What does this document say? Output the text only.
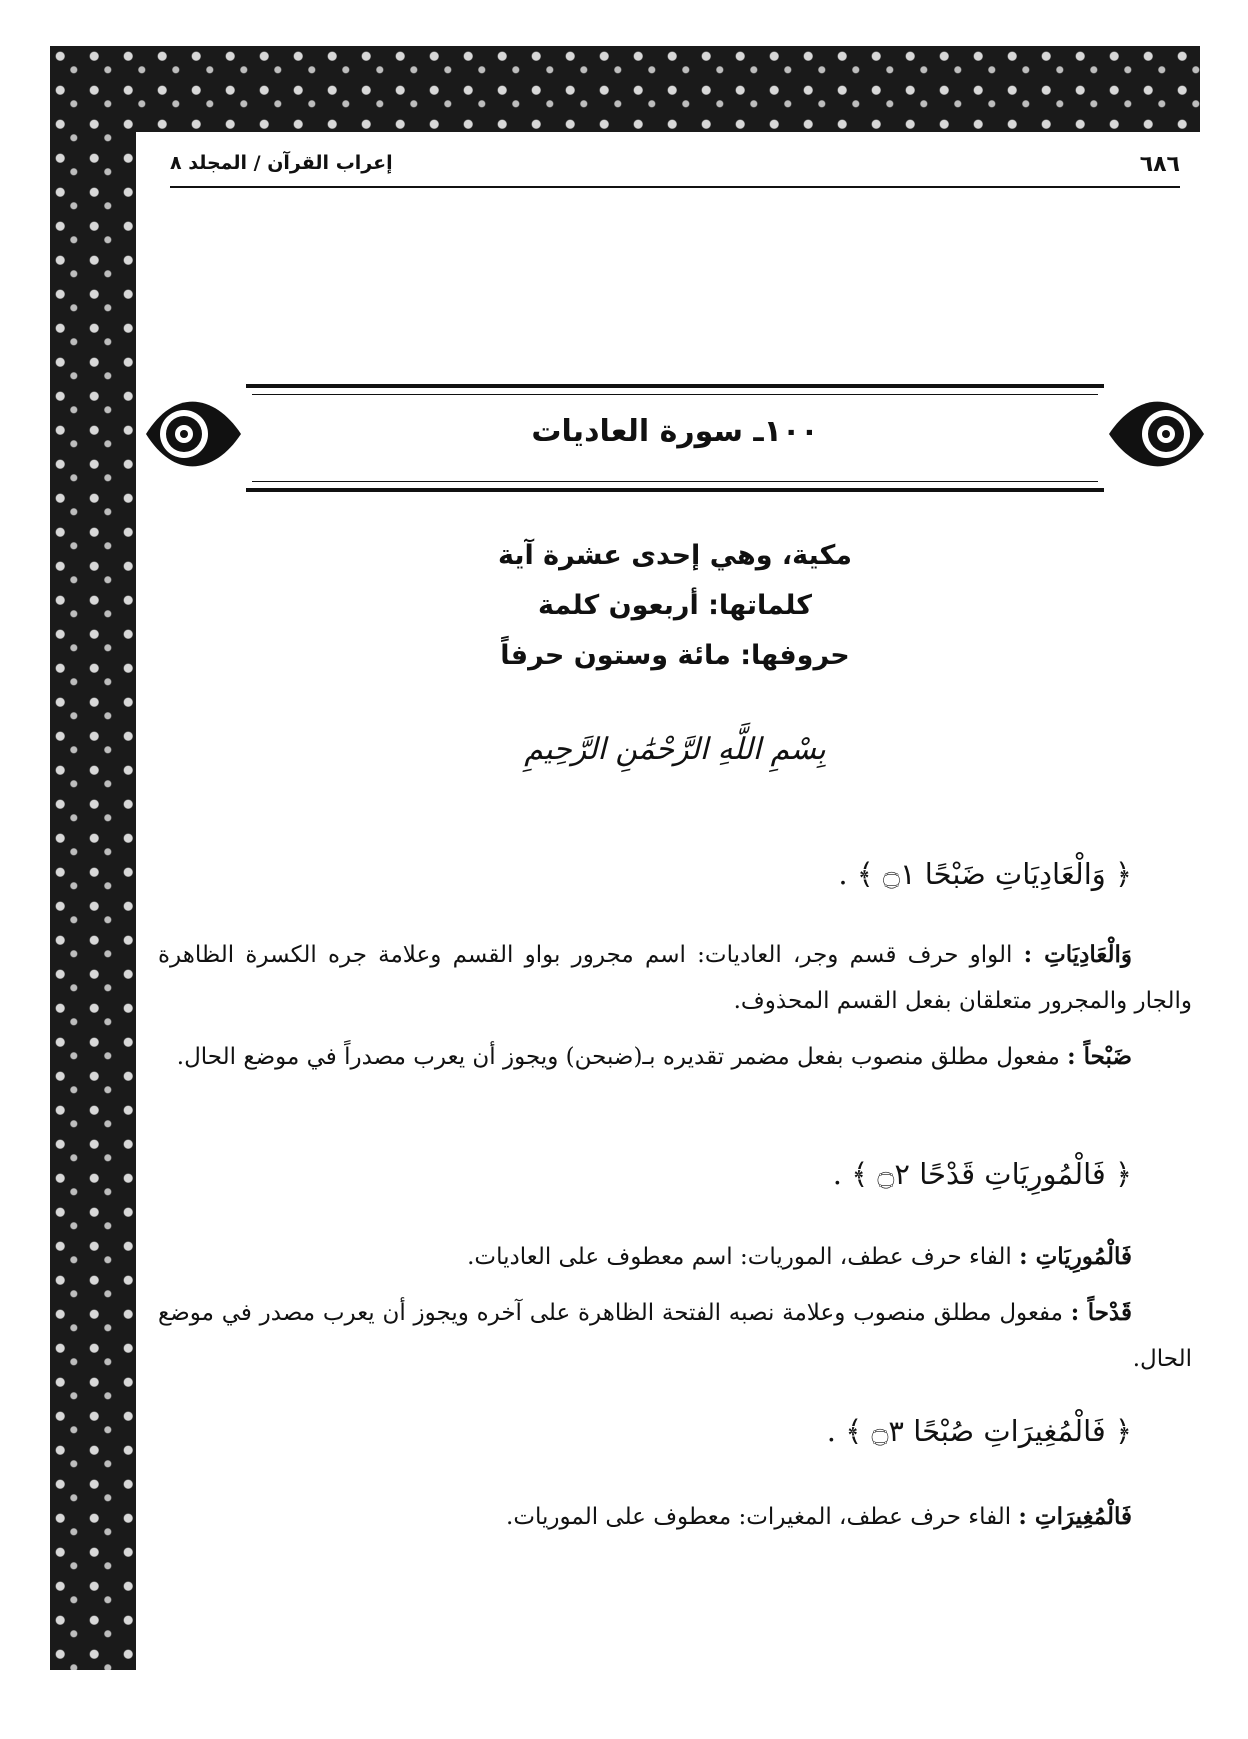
٦٨٦
إعراب القرآن / المجلد ٨
١٠٠ـ سورة العاديات
مكية، وهي إحدى عشرة آية
كلماتها: أربعون كلمة
حروفها: مائة وستون حرفاً
بِسْمِ اللَّهِ الرَّحْمَٰنِ الرَّحِيمِ
﴿ وَالْعَادِيَاتِ ضَبْحًا ۝١ ﴾ .
وَالْعَادِيَاتِ : الواو حرف قسم وجر، العاديات: اسم مجرور بواو القسم وعلامة جره الكسرة الظاهرة والجار والمجرور متعلقان بفعل القسم المحذوف.
ضَبْحاً : مفعول مطلق منصوب بفعل مضمر تقديره بـ(ضبحن) ويجوز أن يعرب مصدراً في موضع الحال.
﴿ فَالْمُورِيَاتِ قَدْحًا ۝٢ ﴾ .
فَالْمُورِيَاتِ : الفاء حرف عطف، الموريات: اسم معطوف على العاديات.
قَدْحاً : مفعول مطلق منصوب وعلامة نصبه الفتحة الظاهرة على آخره ويجوز أن يعرب مصدر في موضع الحال.
﴿ فَالْمُغِيرَاتِ صُبْحًا ۝٣ ﴾ .
فَالْمُغِيرَاتِ : الفاء حرف عطف، المغيرات: معطوف على الموريات.
